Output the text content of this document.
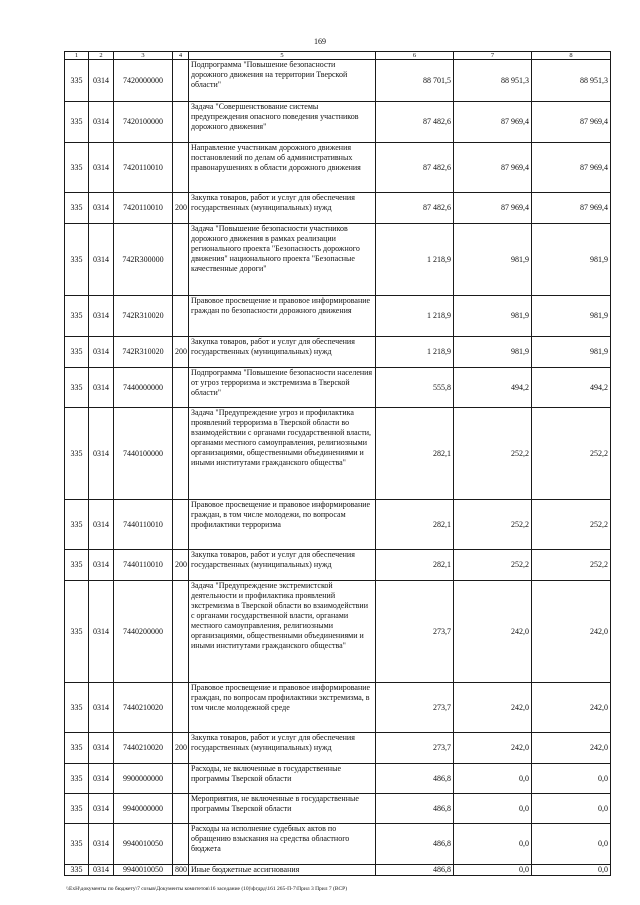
169
1	2	3	4	5	6	7	8
335	0314	7420000000		Подпрограмма "Повышение безопасности дорожного движения на территории Тверской области"	88 701,5	88 951,3	88 951,3
335	0314	7420100000		Задача "Совершенствование системы предупреждения опасного поведения участников дорожного движения"	87 482,6	87 969,4	87 969,4
335	0314	7420110010		Направление участникам дорожного движения постановлений по делам об административных правонарушениях в области дорожного движения	87 482,6	87 969,4	87 969,4
335	0314	7420110010	200	Закупка товаров, работ и услуг для обеспечения государственных (муниципальных) нужд	87 482,6	87 969,4	87 969,4
335	0314	742R300000		Задача "Повышение безопасности участников дорожного движения в рамках реализации регионального проекта "Безопасность дорожного движения" национального проекта "Безопасные качественные дороги"	1 218,9	981,9	981,9
335	0314	742R310020		Правовое просвещение и правовое информирование граждан по безопасности дорожного движения	1 218,9	981,9	981,9
335	0314	742R310020	200	Закупка товаров, работ и услуг для обеспечения государственных (муниципальных) нужд	1 218,9	981,9	981,9
335	0314	7440000000		Подпрограмма "Повышение безопасности населения от угроз терроризма и экстремизма в Тверской области"	555,8	494,2	494,2
335	0314	7440100000		Задача "Предупреждение угроз и профилактика проявлений терроризма в Тверской области во взаимодействии с органами государственной власти, органами местного самоуправления, религиозными организациями, общественными объединениями и иными институтами гражданского общества"	282,1	252,2	252,2
335	0314	7440110010		Правовое просвещение и правовое информирование граждан, в том числе молодежи, по вопросам профилактики терроризма	282,1	252,2	252,2
335	0314	7440110010	200	Закупка товаров, работ и услуг для обеспечения государственных (муниципальных) нужд	282,1	252,2	252,2
335	0314	7440200000		Задача "Предупреждение экстремистской деятельности и профилактика проявлений экстремизма в Тверской области во взаимодействии с органами государственной власти, органами местного самоуправления, религиозными организациями, общественными объединениями и иными институтами гражданского общества"	273,7	242,0	242,0
335	0314	7440210020		Правовое просвещение и правовое информирование граждан, по вопросам профилактики экстремизма, в том числе молодежной среде	273,7	242,0	242,0
335	0314	7440210020	200	Закупка товаров, работ и услуг для обеспечения государственных (муниципальных) нужд	273,7	242,0	242,0
335	0314	9900000000		Расходы, не включенные в государственные программы Тверской области	486,8	0,0	0,0
335	0314	9940000000		Мероприятия, не включенные в государственные программы Тверской области	486,8	0,0	0,0
335	0314	9940010050		Расходы на исполнение судебных актов по обращению взыскания на средства областного бюджета	486,8	0,0	0,0
335	0314	9940010050	800	Иные бюджетные ассигнования	486,8	0,0	0,0
\\ЕхН\документы по бюджету\7 созыв\Документы комитетов\16 заседание (10)\фгдрд\161 265-П-7\Прил 3 Прил 7 (ВСР)
